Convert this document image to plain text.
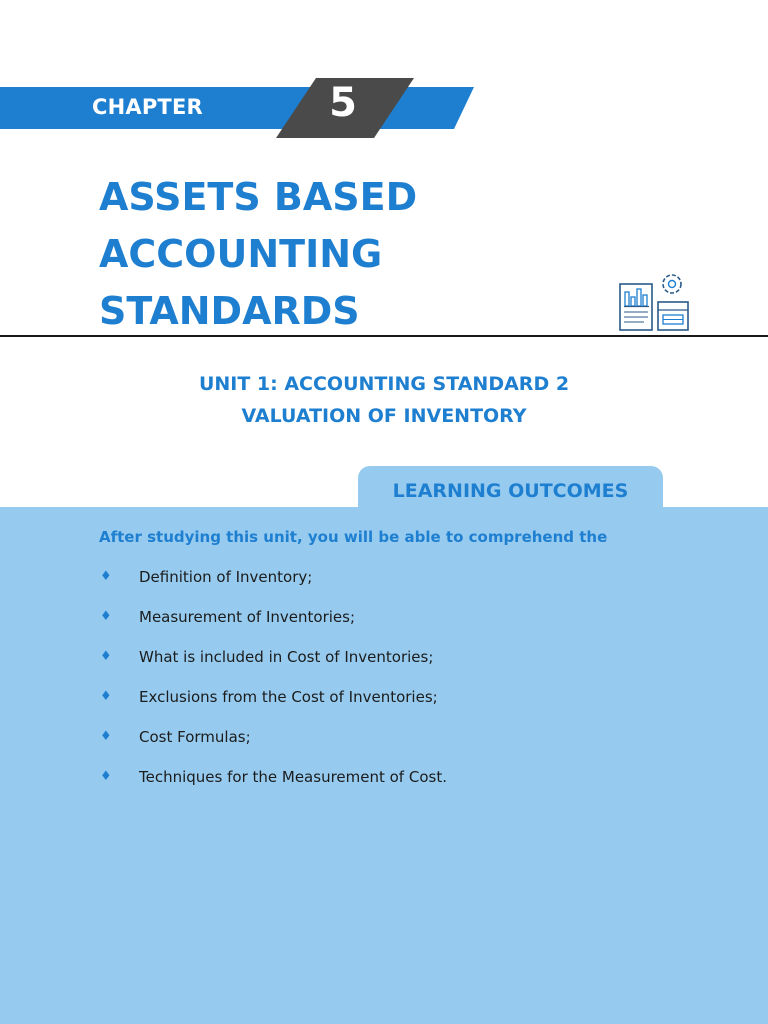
CHAPTER	5
ASSETS BASED
ACCOUNTING
STANDARDS
UNIT 1: ACCOUNTING STANDARD 2
VALUATION OF INVENTORY
LEARNING OUTCOMES
After studying this unit, you will be able to comprehend the
♦ Definition of Inventory;
♦ Measurement of Inventories;
♦ What is included in Cost of Inventories;
♦ Exclusions from the Cost of Inventories;
♦ Cost Formulas;
♦ Techniques for the Measurement of Cost.
